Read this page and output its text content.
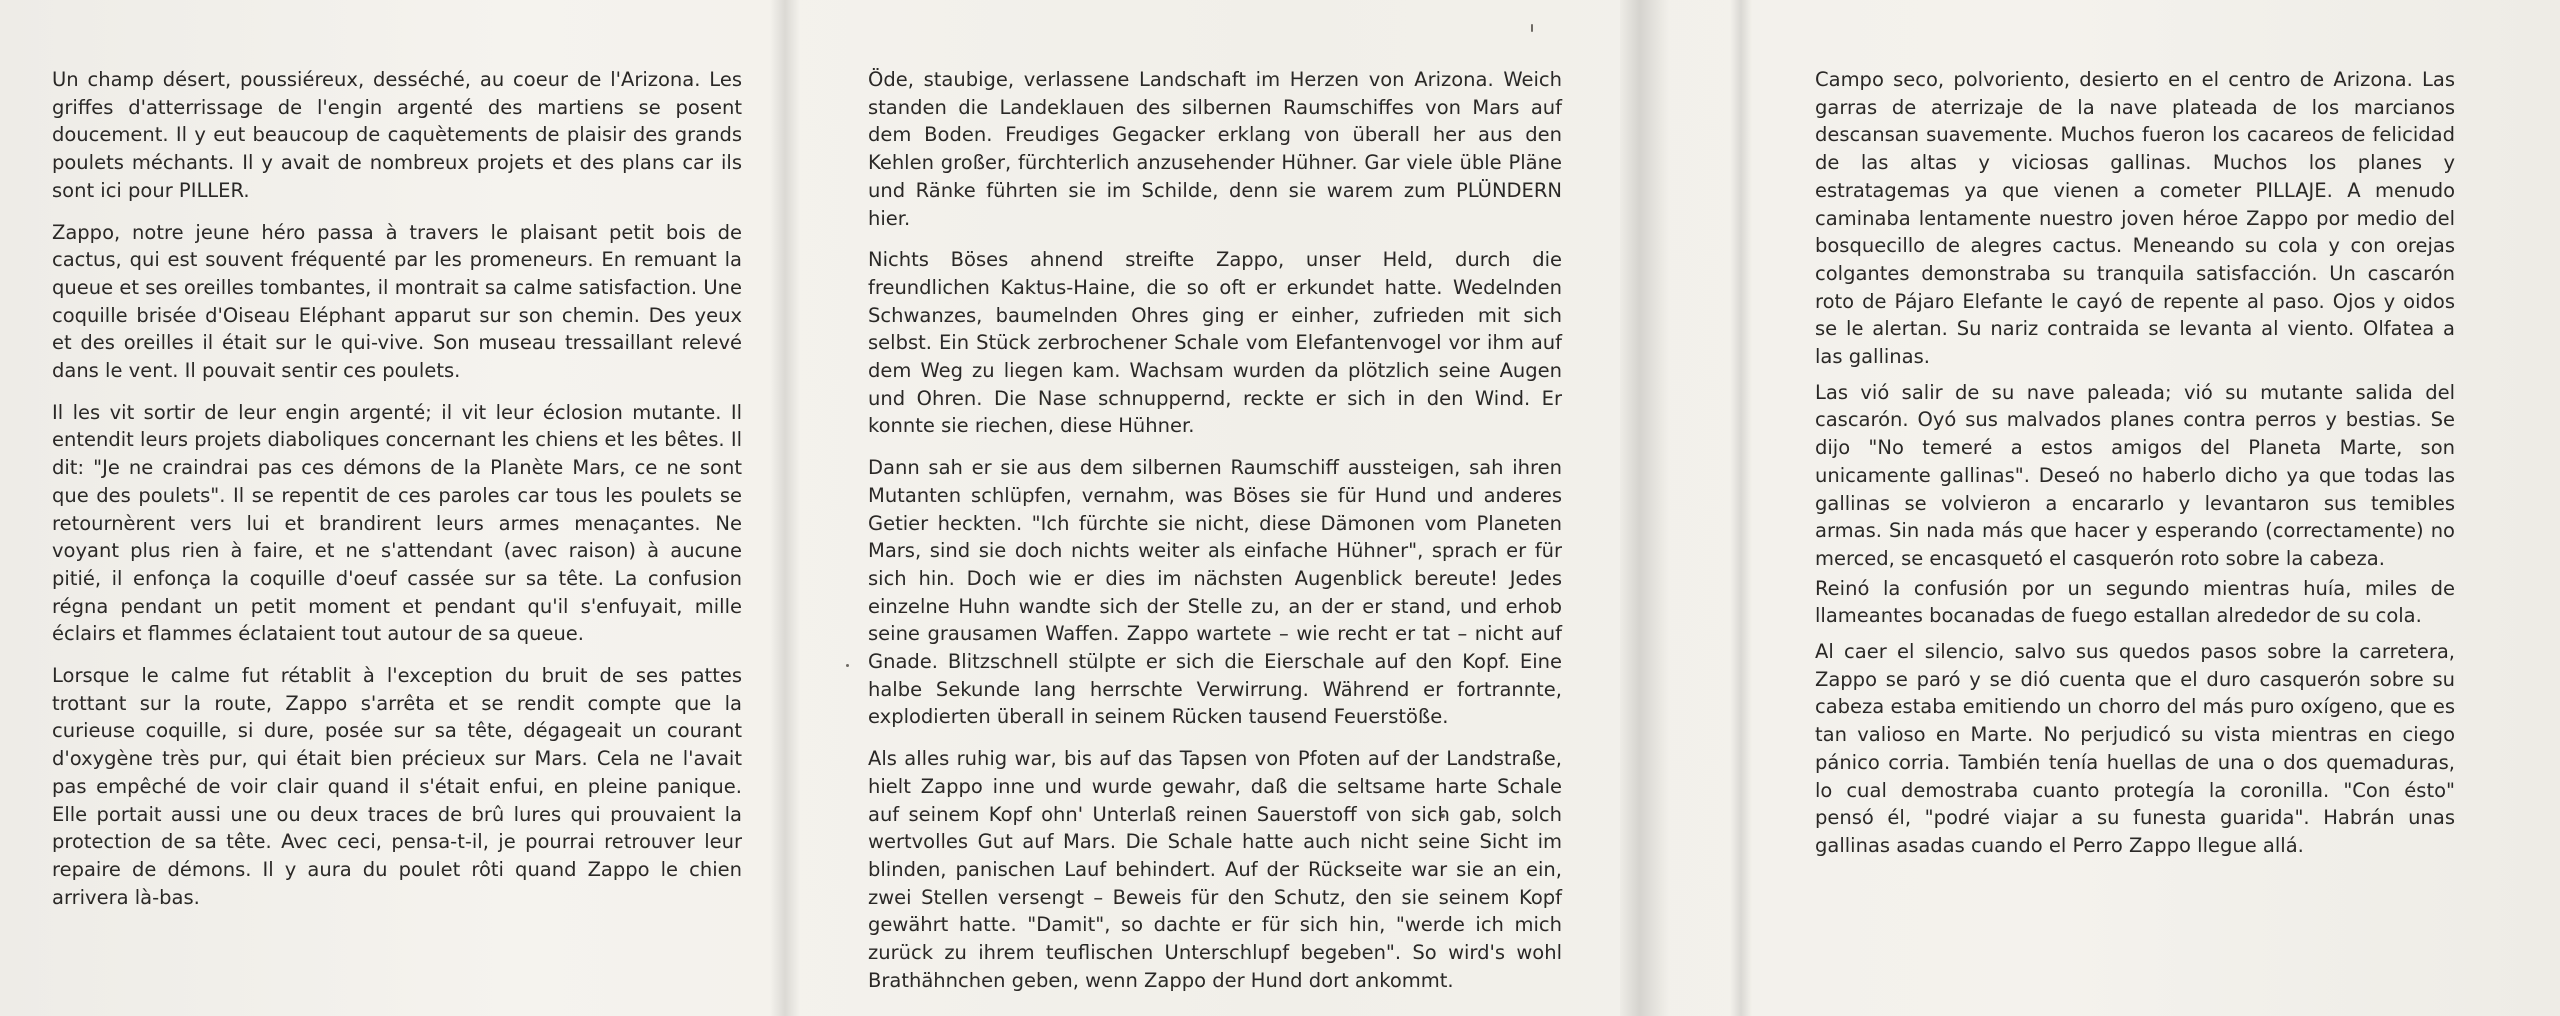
Un champ désert, poussiéreux, desséché, au coeur de l'Arizona. Les griffes d'atterrissage de l'engin argenté des martiens se posent doucement. Il y eut beaucoup de caquètements de plaisir des grands poulets méchants. Il y avait de nombreux projets et des plans car ils sont ici pour PILLER.

Zappo, notre jeune héro passa à travers le plaisant petit bois de cactus, qui est souvent fréquenté par les promeneurs. En remuant la queue et ses oreilles tombantes, il montrait sa calme satisfaction. Une coquille brisée d'Oiseau Eléphant apparut sur son chemin. Des yeux et des oreilles il était sur le qui-vive. Son museau tressaillant relevé dans le vent. Il pouvait sentir ces poulets.

Il les vit sortir de leur engin argenté; il vit leur éclosion mutante. Il entendit leurs projets diaboliques concernant les chiens et les bêtes. Il dit: "Je ne craindrai pas ces démons de la Planète Mars, ce ne sont que des poulets". Il se repentit de ces paroles car tous les poulets se retournèrent vers lui et brandirent leurs armes menaçantes. Ne voyant plus rien à faire, et ne s'attendant (avec raison) à aucune pitié, il enfonça la coquille d'oeuf cassée sur sa tête. La confusion régna pendant un petit moment et pendant qu'il s'enfuyait, mille éclairs et flammes éclataient tout autour de sa queue.

Lorsque le calme fut rétablit à l'exception du bruit de ses pattes trottant sur la route, Zappo s'arrêta et se rendit compte que la curieuse coquille, si dure, posée sur sa tête, dégageait un courant d'oxygène très pur, qui était bien précieux sur Mars. Cela ne l'avait pas empêché de voir clair quand il s'était enfui, en pleine panique. Elle portait aussi une ou deux traces de brû lures qui prouvaient la protection de sa tête. Avec ceci, pensa-t-il, je pourrai retrouver leur repaire de démons. Il y aura du poulet rôti quand Zappo le chien arrivera là-bas.

Öde, staubige, verlassene Landschaft im Herzen von Arizona. Weich standen die Landeklauen des silbernen Raumschiffes von Mars auf dem Boden. Freudiges Gegacker erklang von überall her aus den Kehlen großer, fürchterlich anzusehender Hühner. Gar viele üble Pläne und Ränke führten sie im Schilde, denn sie warem zum PLÜNDERN hier.

Nichts Böses ahnend streifte Zappo, unser Held, durch die freundlichen Kaktus-Haine, die so oft er erkundet hatte. Wedelnden Schwanzes, baumelnden Ohres ging er einher, zufrieden mit sich selbst. Ein Stück zerbrochener Schale vom Elefantenvogel vor ihm auf dem Weg zu liegen kam. Wachsam wurden da plötzlich seine Augen und Ohren. Die Nase schnuppernd, reckte er sich in den Wind. Er konnte sie riechen, diese Hühner.

Dann sah er sie aus dem silbernen Raumschiff aussteigen, sah ihren Mutanten schlüpfen, vernahm, was Böses sie für Hund und anderes Getier heckten. "Ich fürchte sie nicht, diese Dämonen vom Planeten Mars, sind sie doch nichts weiter als einfache Hühner", sprach er für sich hin. Doch wie er dies im nächsten Augenblick bereute! Jedes einzelne Huhn wandte sich der Stelle zu, an der er stand, und erhob seine grausamen Waffen. Zappo wartete – wie recht er tat – nicht auf Gnade. Blitzschnell stülpte er sich die Eierschale auf den Kopf. Eine halbe Sekunde lang herrschte Verwirrung. Während er fortrannte, explodierten überall in seinem Rücken tausend Feuerstöße.

Als alles ruhig war, bis auf das Tapsen von Pfoten auf der Landstraße, hielt Zappo inne und wurde gewahr, daß die seltsame harte Schale auf seinem Kopf ohn' Unterlaß reinen Sauerstoff von sich gab, solch wertvolles Gut auf Mars. Die Schale hatte auch nicht seine Sicht im blinden, panischen Lauf behindert. Auf der Rückseite war sie an ein, zwei Stellen versengt – Beweis für den Schutz, den sie seinem Kopf gewährt hatte. "Damit", so dachte er für sich hin, "werde ich mich zurück zu ihrem teuflischen Unterschlupf begeben". So wird's wohl Brathähnchen geben, wenn Zappo der Hund dort ankommt.

Campo seco, polvoriento, desierto en el centro de Arizona. Las garras de aterrizaje de la nave plateada de los marcianos descansan suavemente. Muchos fueron los cacareos de felicidad de las altas y viciosas gallinas. Muchos los planes y estratagemas ya que vienen a cometer PILLAJE. A menudo caminaba lentamente nuestro joven héroe Zappo por medio del bosquecillo de alegres cactus. Meneando su cola y con orejas colgantes demonstraba su tranquila satisfacción. Un cascarón roto de Pájaro Elefante le cayó de repente al paso. Ojos y oidos se le alertan. Su nariz contraida se levanta al viento. Olfatea a las gallinas.

Las vió salir de su nave paleada; vió su mutante salida del cascarón. Oyó sus malvados planes contra perros y bestias. Se dijo "No temeré a estos amigos del Planeta Marte, son unicamente gallinas". Deseó no haberlo dicho ya que todas las gallinas se volvieron a encararlo y levantaron sus temibles armas. Sin nada más que hacer y esperando (correctamente) no merced, se encasquetó el casquerón roto sobre la cabeza.

Reinó la confusión por un segundo mientras huía, miles de llameantes bocanadas de fuego estallan alrededor de su cola.

Al caer el silencio, salvo sus quedos pasos sobre la carretera, Zappo se paró y se dió cuenta que el duro casquerón sobre su cabeza estaba emitiendo un chorro del más puro oxígeno, que es tan valioso en Marte. No perjudicó su vista mientras en ciego pánico corria. También tenía huellas de una o dos quemaduras, lo cual demostraba cuanto protegía la coronilla. "Con ésto" pensó él, "podré viajar a su funesta guarida". Habrán unas gallinas asadas cuando el Perro Zappo llegue allá.
